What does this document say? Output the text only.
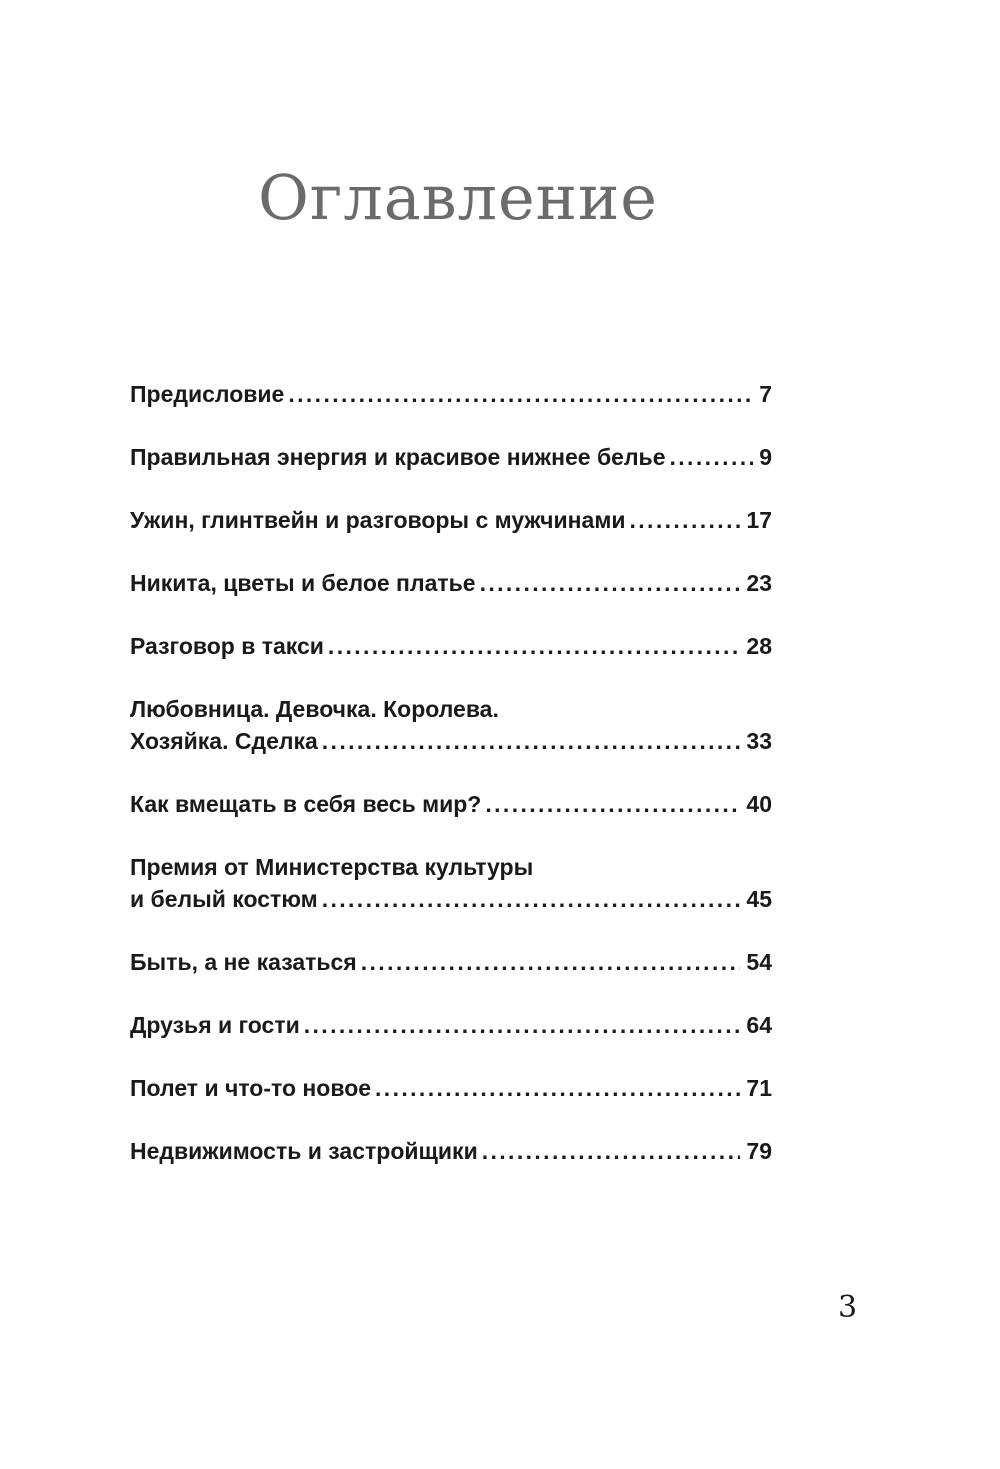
Оглавление
Предисловие . . .	7
Правильная энергия и красивое нижнее белье . . .	9
Ужин, глинтвейн и разговоры с мужчинами . . .	17
Никита, цветы и белое платье . . .	23
Разговор в такси . . .	28
Любовница. Девочка. Королева.
Хозяйка. Сделка . . .	33
Как вмещать в себя весь мир? . . .	40
Премия от Министерства культуры
и белый костюм . . .	45
Быть, а не казаться . . .	54
Друзья и гости . . .	64
Полет и что-то новое . . .	71
Недвижимость и застройщики . . .	79
3
